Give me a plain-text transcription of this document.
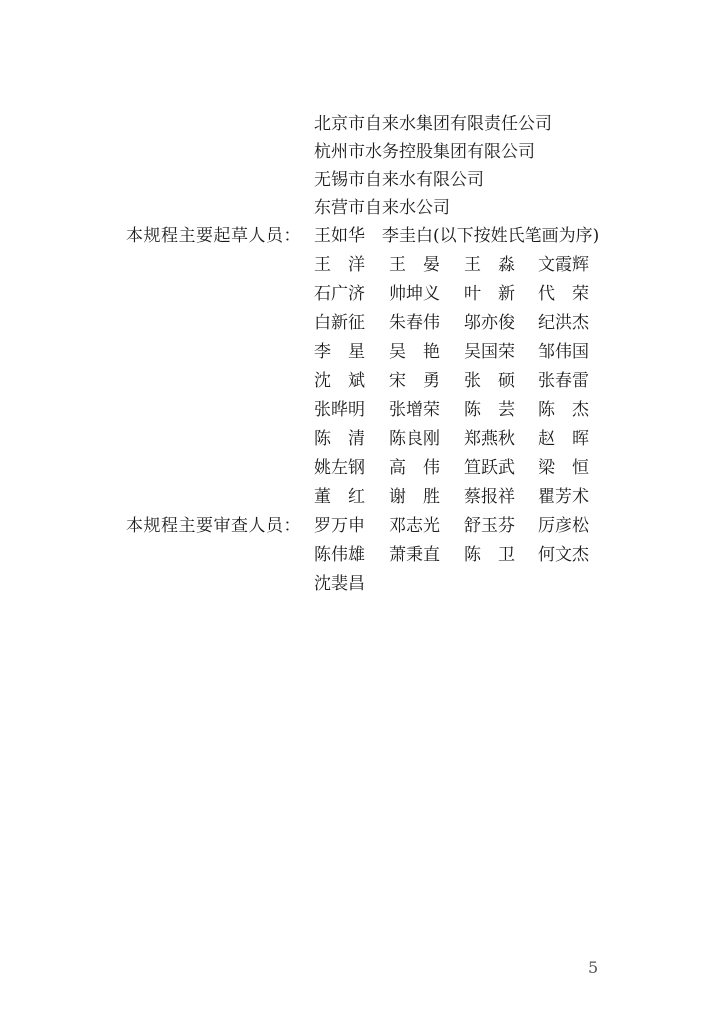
北京市自来水集团有限责任公司
杭州市水务控股集团有限公司
无锡市自来水有限公司
东营市自来水公司
本规程主要起草人员： 王如华　李圭白(以下按姓氏笔画为序)
王　洋	王　晏	王　淼	文霞辉
石广济	帅坤义	叶　新	代　荣
白新征	朱春伟	邬亦俊	纪洪杰
李　星	吴　艳	吴国荣	邹伟国
沈　斌	宋　勇	张　硕	张春雷
张晔明	张增荣	陈　芸	陈　杰
陈　清	陈良刚	郑燕秋	赵　晖
姚左钢	高　伟	笪跃武	梁　恒
董　红	谢　胜	蔡报祥	瞿芳术
本规程主要审查人员： 罗万申	邓志光	舒玉芬	厉彦松
陈伟雄	萧秉直	陈　卫	何文杰
沈裴昌
5
